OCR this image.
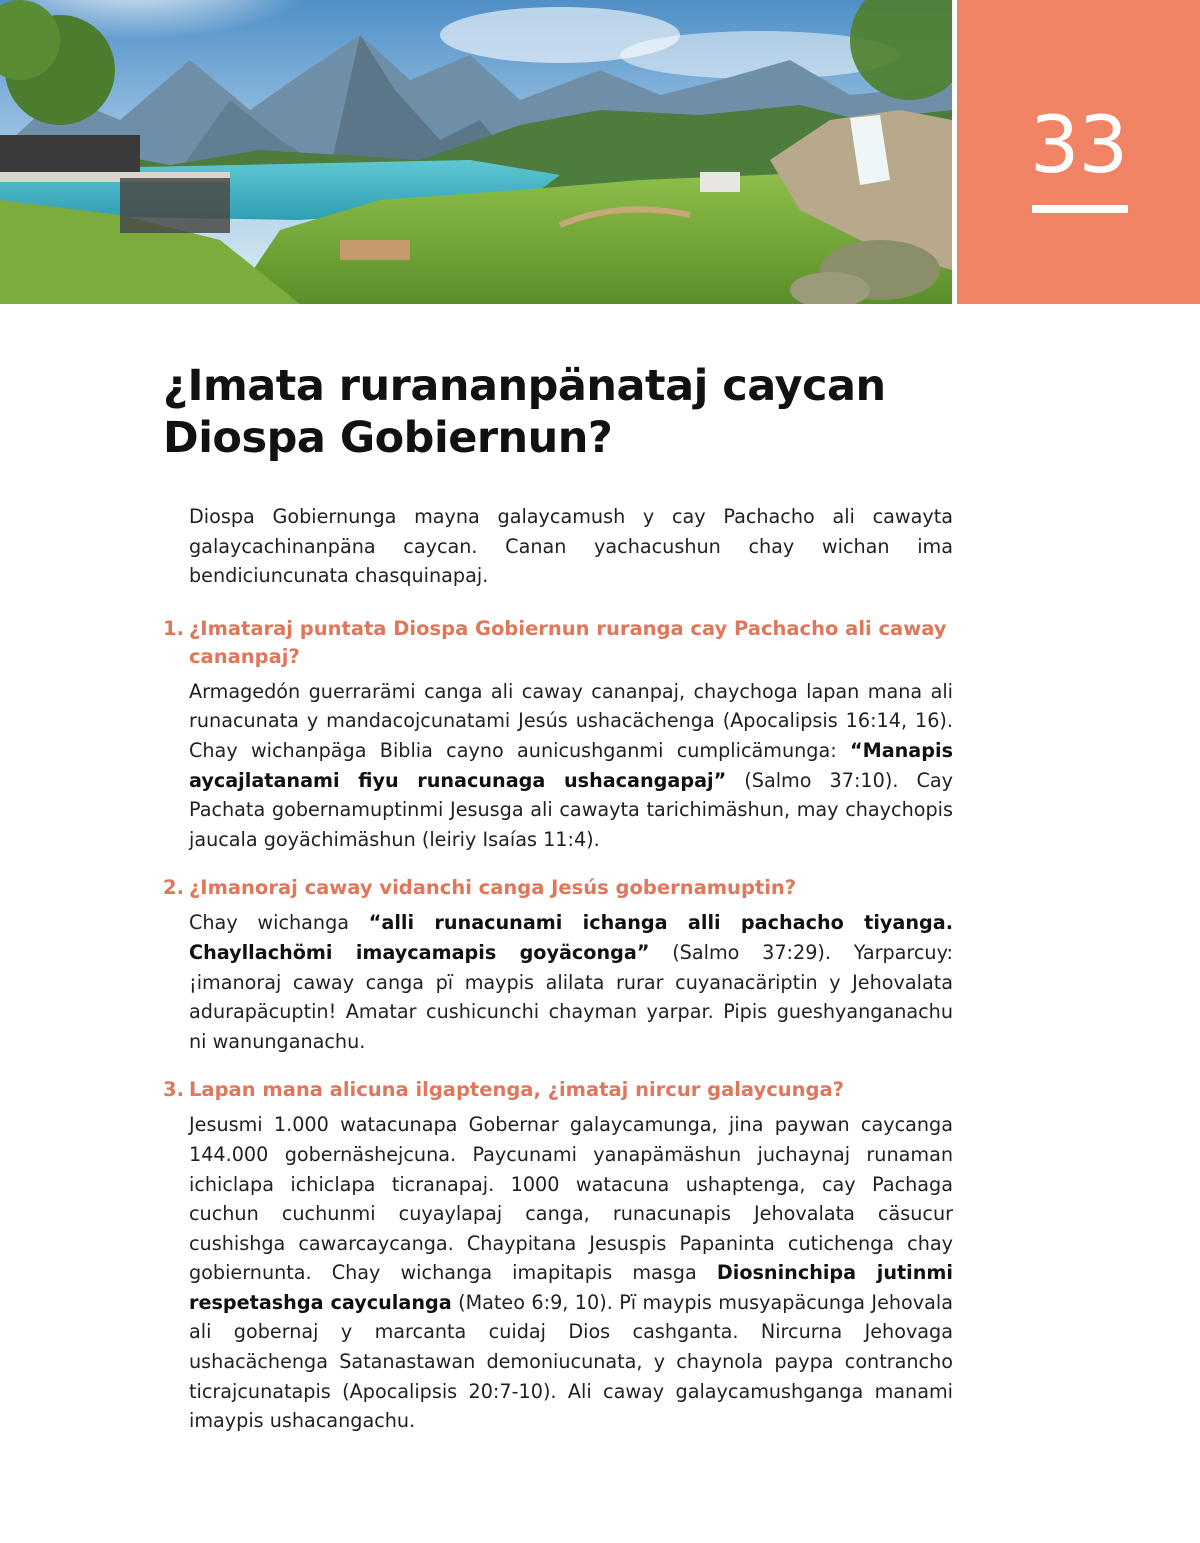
33
¿Imata rurananpänataj caycan Diospa Gobiernun?

Diospa Gobiernunga mayna galaycamush y cay Pachacho ali cawayta galaycachinanpäna caycan. Canan yachacushun chay wichan ima bendiciuncunata chasquinapaj.

1. ¿Imataraj puntata Diospa Gobiernun ruranga cay Pachacho ali caway cananpaj?

Armagedón guerrarämi canga ali caway cananpaj, chaychoga lapan mana ali runacunata y mandacojcunatami Jesús ushacächenga (Apocalipsis 16:14, 16). Chay wichanpäga Biblia cayno aunicushganmi cumplicämunga: “Manapis aycajlatanami fiyu runacunaga ushacangapaj” (Salmo 37:10). Cay Pachata gobernamuptinmi Jesusga ali cawayta tarichimäshun, may chaychopis jaucala goyächimäshun (leiriy Isaías 11:4).

2. ¿Imanoraj caway vidanchi canga Jesús gobernamuptin?

Chay wichanga “alli runacunami ichanga alli pachacho tiyanga. Chayllachömi imaycamapis goyäconga” (Salmo 37:29). Yarparcuy: ¡imanoraj caway canga pï maypis alilata rurar cuyanacäriptin y Jehovalata adurapäcuptin! Amatar cushicunchi chayman yarpar. Pipis gueshyanganachu ni wanunganachu.

3. Lapan mana alicuna ilgaptenga, ¿imataj nircur galaycunga?

Jesusmi 1.000 watacunapa Gobernar galaycamunga, jina paywan caycanga 144.000 gobernäshejcuna. Paycunami yanapämäshun juchaynaj runaman ichiclapa ichiclapa ticranapaj. 1000 watacuna ushaptenga, cay Pachaga cuchun cuchunmi cuyaylapaj canga, runacunapis Jehovalata cäsucur cushishga cawarcaycanga. Chaypitana Jesuspis Papaninta cutichenga chay gobiernunta. Chay wichanga imapitapis masga Diosninchipa jutinmi respetashga cayculanga (Mateo 6:9, 10). Pï maypis musyapäcunga Jehovala ali gobernaj y marcanta cuidaj Dios cashganta. Nircurna Jehovaga ushacächenga Satanastawan demoniucunata, y chaynola paypa contrancho ticrajcunatapis (Apocalipsis 20:7-10). Ali caway galaycamushganga manami imaypis ushacangachu.
